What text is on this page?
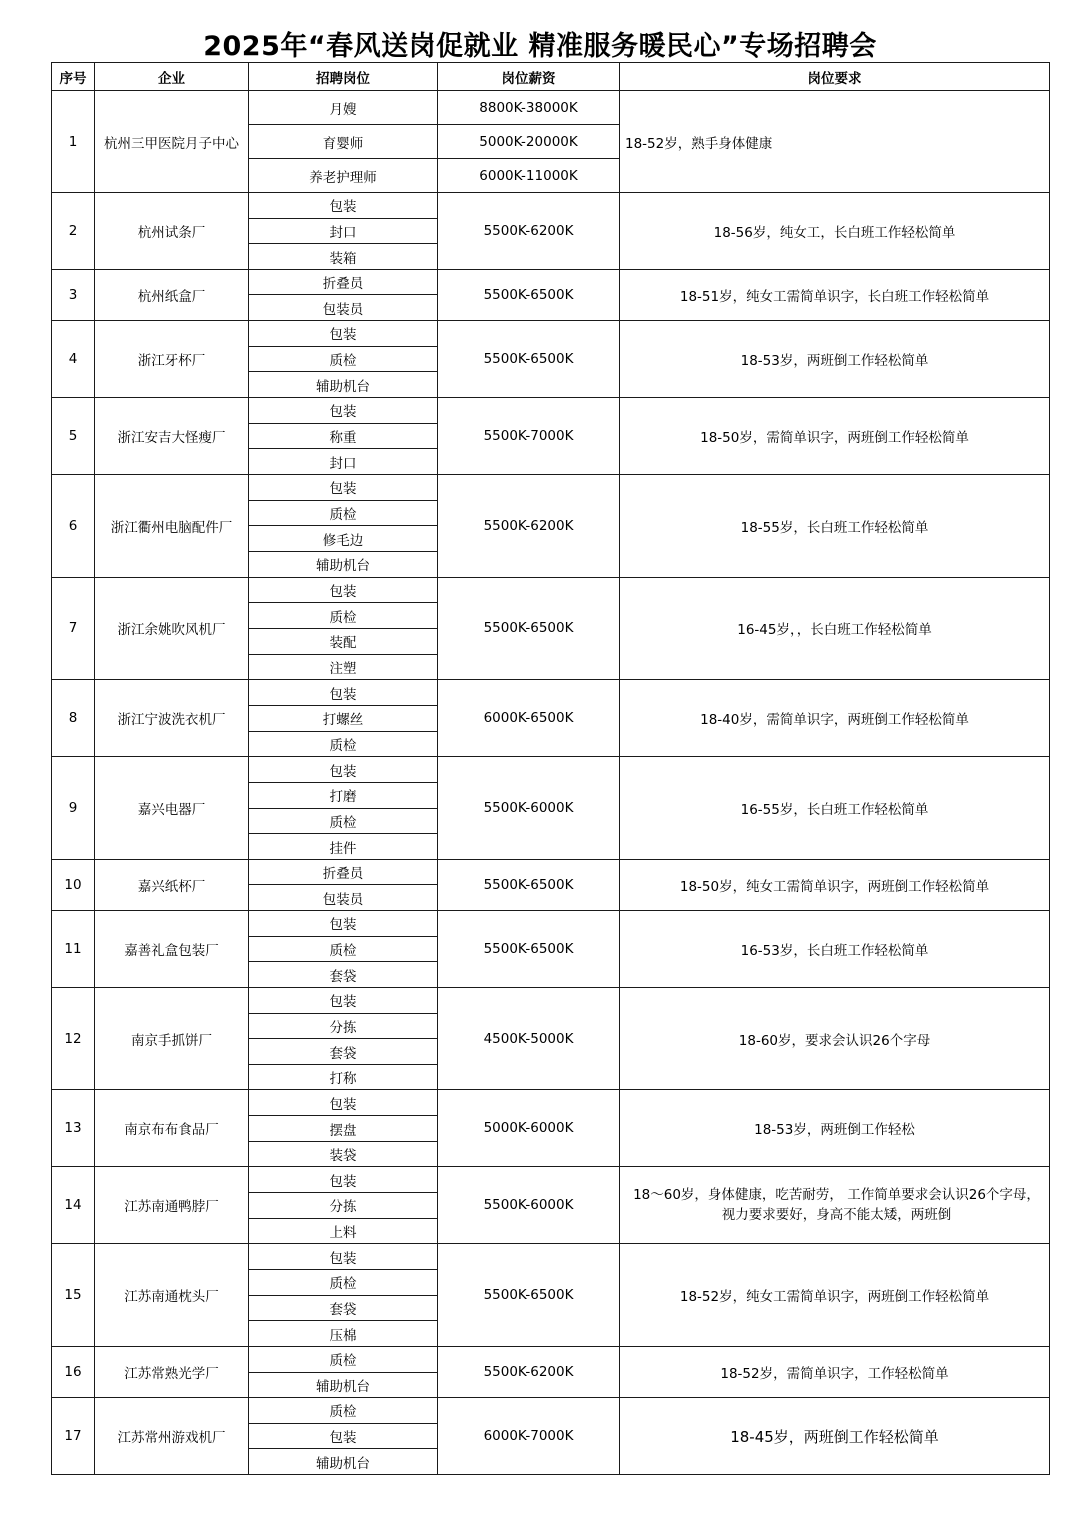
2025年“春风送岗促就业 精准服务暖民心”专场招聘会
序号	企业	招聘岗位	岗位薪资	岗位要求
1	杭州三甲医院月子中心	月嫂	8800K-38000K	18-52岁，熟手身体健康
		育婴师	5000K-20000K	
		养老护理师	6000K-11000K	
2	杭州试条厂	包装	5500K-6200K	18-56岁，纯女工，长白班工作轻松简单
		封口		
		装箱		
3	杭州纸盒厂	折叠员	5500K-6500K	18-51岁，纯女工需简单识字，长白班工作轻松简单
		包装员		
4	浙江牙杯厂	包装	5500K-6500K	18-53岁，两班倒工作轻松简单
		质检		
		辅助机台		
5	浙江安吉大怪瘦厂	包装	5500K-7000K	18-50岁，需简单识字，两班倒工作轻松简单
		称重		
		封口		
6	浙江衢州电脑配件厂	包装	5500K-6200K	18-55岁，长白班工作轻松简单
		质检		
		修毛边		
		辅助机台		
7	浙江余姚吹风机厂	包装	5500K-6500K	16-45岁，，长白班工作轻松简单
		质检		
		装配		
		注塑		
8	浙江宁波洗衣机厂	包装	6000K-6500K	18-40岁，需简单识字，两班倒工作轻松简单
		打螺丝		
		质检		
9	嘉兴电器厂	包装	5500K-6000K	16-55岁，长白班工作轻松简单
		打磨		
		质检		
		挂件		
10	嘉兴纸杯厂	折叠员	5500K-6500K	18-50岁，纯女工需简单识字，两班倒工作轻松简单
		包装员		
11	嘉善礼盒包装厂	包装	5500K-6500K	16-53岁，长白班工作轻松简单
		质检		
		套袋		
12	南京手抓饼厂	包装	4500K-5000K	18-60岁，要求会认识26个字母
		分拣		
		套袋		
		打称		
13	南京布布食品厂	包装	5000K-6000K	18-53岁，两班倒工作轻松
		摆盘		
		装袋		
14	江苏南通鸭脖厂	包装	5500K-6000K	18～60岁，身体健康，吃苦耐劳， 工作简单要求会认识26个字母，视力要求要好，身高不能太矮，两班倒
		分拣		
		上料		
15	江苏南通枕头厂	包装	5500K-6500K	18-52岁，纯女工需简单识字，两班倒工作轻松简单
		质检		
		套袋		
		压棉		
16	江苏常熟光学厂	质检	5500K-6200K	18-52岁，需简单识字，工作轻松简单
		辅助机台		
17	江苏常州游戏机厂	质检	6000K-7000K	18-45岁，两班倒工作轻松简单
		包装		
		辅助机台		
